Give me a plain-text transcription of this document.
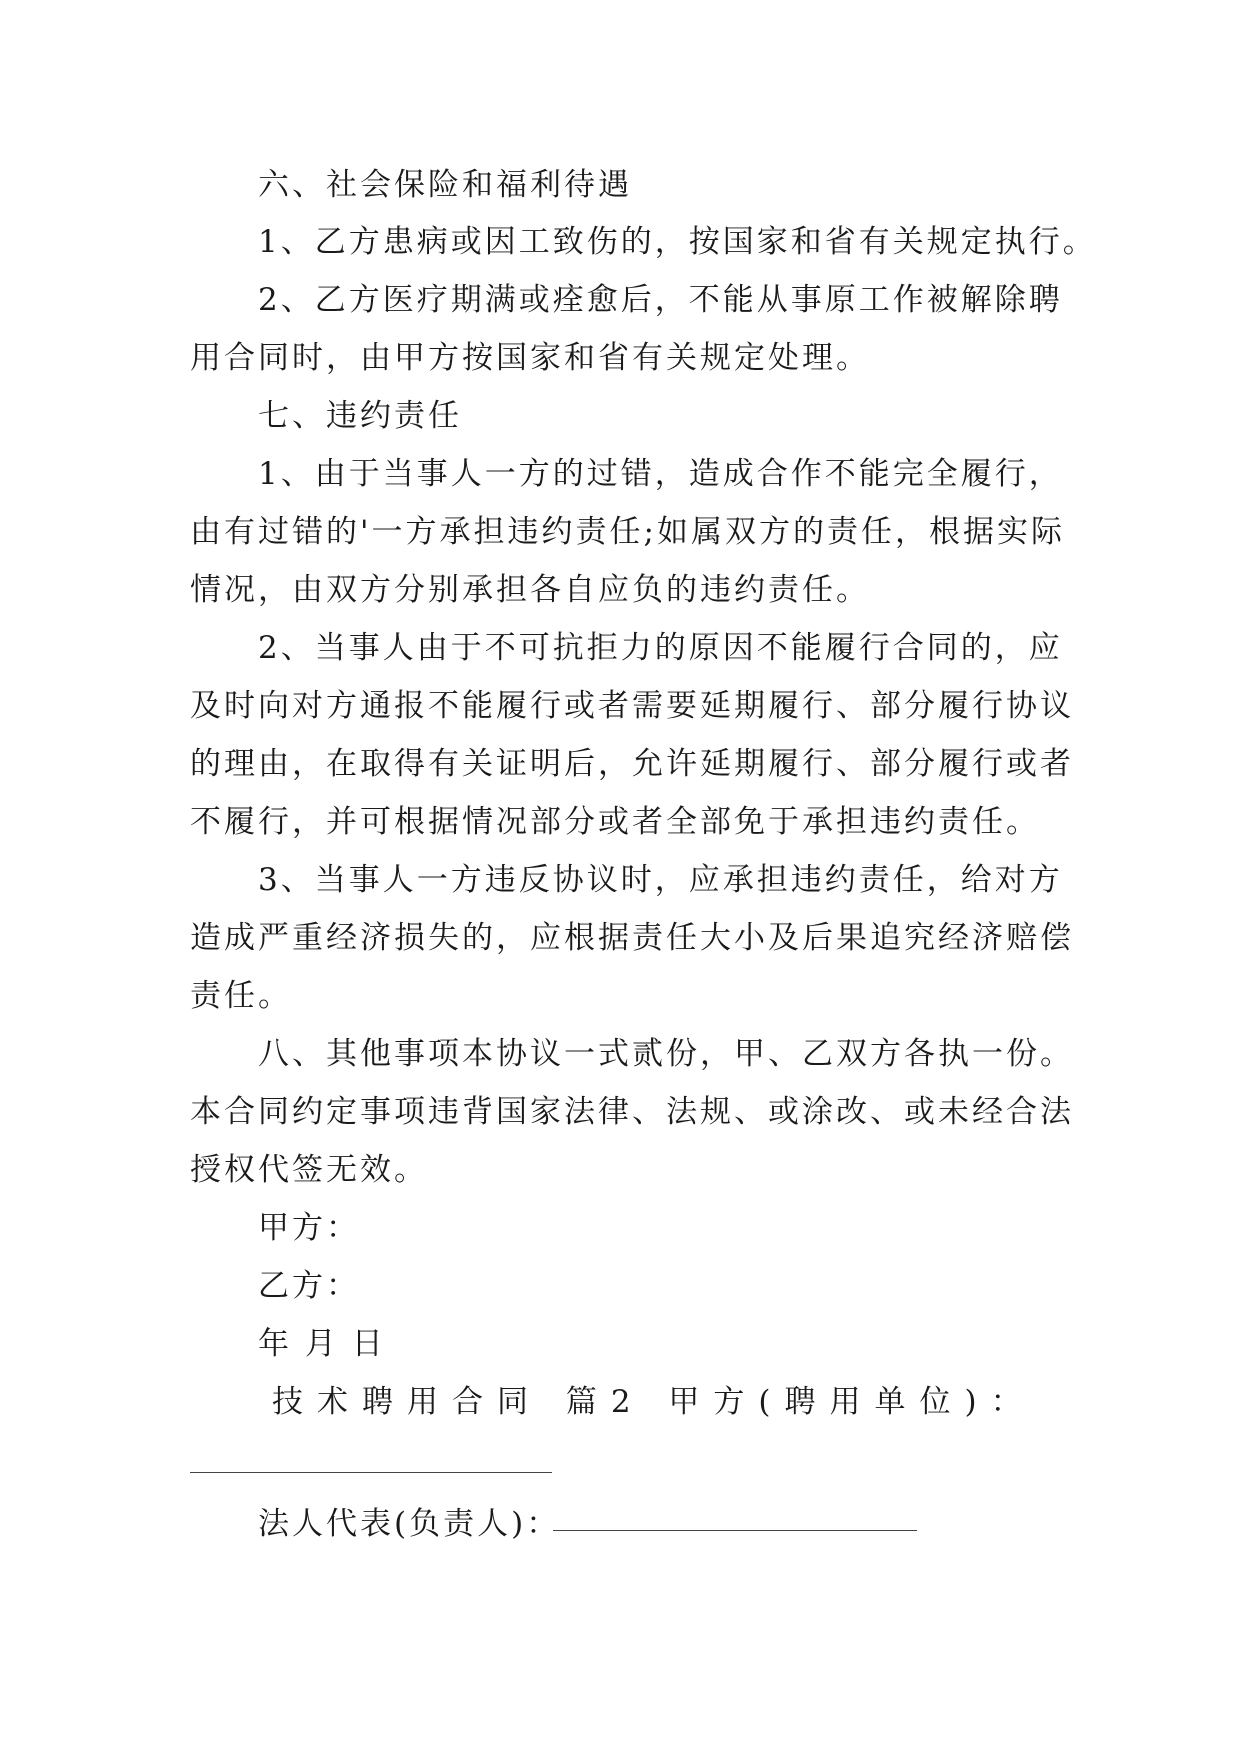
六、社会保险和福利待遇
1、乙方患病或因工致伤的，按国家和省有关规定执行。
2、乙方医疗期满或痊愈后，不能从事原工作被解除聘
用合同时，由甲方按国家和省有关规定处理。
七、违约责任
1、由于当事人一方的过错，造成合作不能完全履行，
由有过错的'一方承担违约责任;如属双方的责任，根据实际
情况，由双方分别承担各自应负的违约责任。
2、当事人由于不可抗拒力的原因不能履行合同的，应
及时向对方通报不能履行或者需要延期履行、部分履行协议
的理由，在取得有关证明后，允许延期履行、部分履行或者
不履行，并可根据情况部分或者全部免于承担违约责任。
3、当事人一方违反协议时，应承担违约责任，给对方
造成严重经济损失的，应根据责任大小及后果追究经济赔偿
责任。
八、其他事项本协议一式贰份，甲、乙双方各执一份。
本合同约定事项违背国家法律、法规、或涂改、或未经合法
授权代签无效。
甲方：
乙方：
年 月 日
技术聘用合同 篇2 甲方(聘用单位)：
法人代表(负责人)：
